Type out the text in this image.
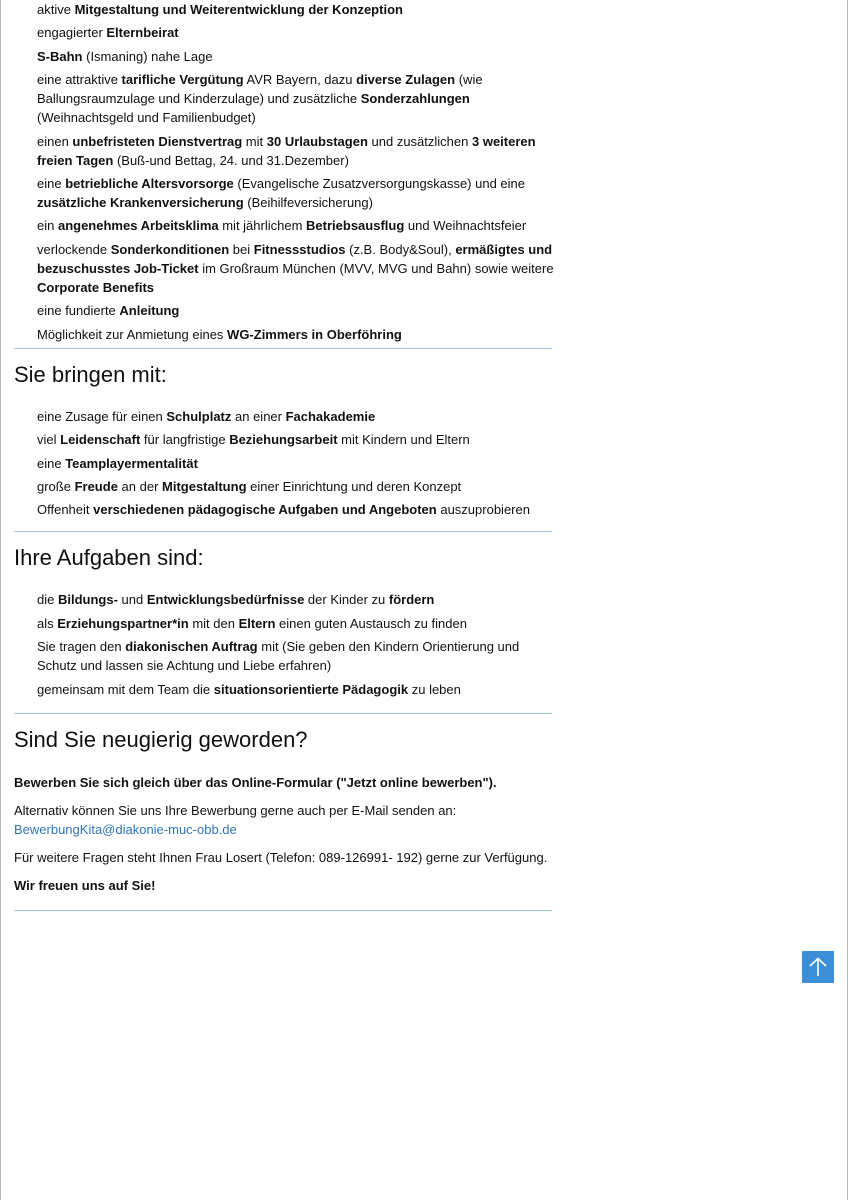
aktive Mitgestaltung und Weiterentwicklung der Konzeption
engagierter Elternbeirat
S-Bahn (Ismaning) nahe Lage
eine attraktive tarifliche Vergütung AVR Bayern, dazu diverse Zulagen (wie Ballungsraumzulage und Kinderzulage) und zusätzliche Sonderzahlungen (Weihnachtsgeld und Familienbudget)
einen unbefristeten Dienstvertrag mit 30 Urlaubstagen und zusätzlichen 3 weiteren freien Tagen (Buß-und Bettag, 24. und 31.Dezember)
eine betriebliche Altersvorsorge (Evangelische Zusatzversorgungskasse) und eine zusätzliche Krankenversicherung (Beihilfeversicherung)
ein angenehmes Arbeitsklima mit jährlichem Betriebsausflug und Weihnachtsfeier
verlockende Sonderkonditionen bei Fitnessstudios (z.B. Body&Soul), ermäßigtes und bezuschusstes Job-Ticket im Großraum München (MVV, MVG und Bahn) sowie weitere Corporate Benefits
eine fundierte Anleitung
Möglichkeit zur Anmietung eines WG-Zimmers in Oberföhring
Sie bringen mit:
eine Zusage für einen Schulplatz an einer Fachakademie
viel Leidenschaft für langfristige Beziehungsarbeit mit Kindern und Eltern
eine Teamplayermentalität
große Freude an der Mitgestaltung einer Einrichtung und deren Konzept
Offenheit verschiedenen pädagogische Aufgaben und Angeboten auszuprobieren
Ihre Aufgaben sind:
die Bildungs- und Entwicklungsbedürfnisse der Kinder zu fördern
als Erziehungspartner*in mit den Eltern einen guten Austausch zu finden
Sie tragen den diakonischen Auftrag mit (Sie geben den Kindern Orientierung und Schutz und lassen sie Achtung und Liebe erfahren)
gemeinsam mit dem Team die situationsorientierte Pädagogik zu leben
Sind Sie neugierig geworden?

Bewerben Sie sich gleich über das Online-Formular ("Jetzt online bewerben").

Alternativ können Sie uns Ihre Bewerbung gerne auch per E-Mail senden an: BewerbungKita@diakonie-muc-obb.de

Für weitere Fragen steht Ihnen Frau Losert (Telefon: 089-126991- 192) gerne zur Verfügung.

Wir freuen uns auf Sie!
